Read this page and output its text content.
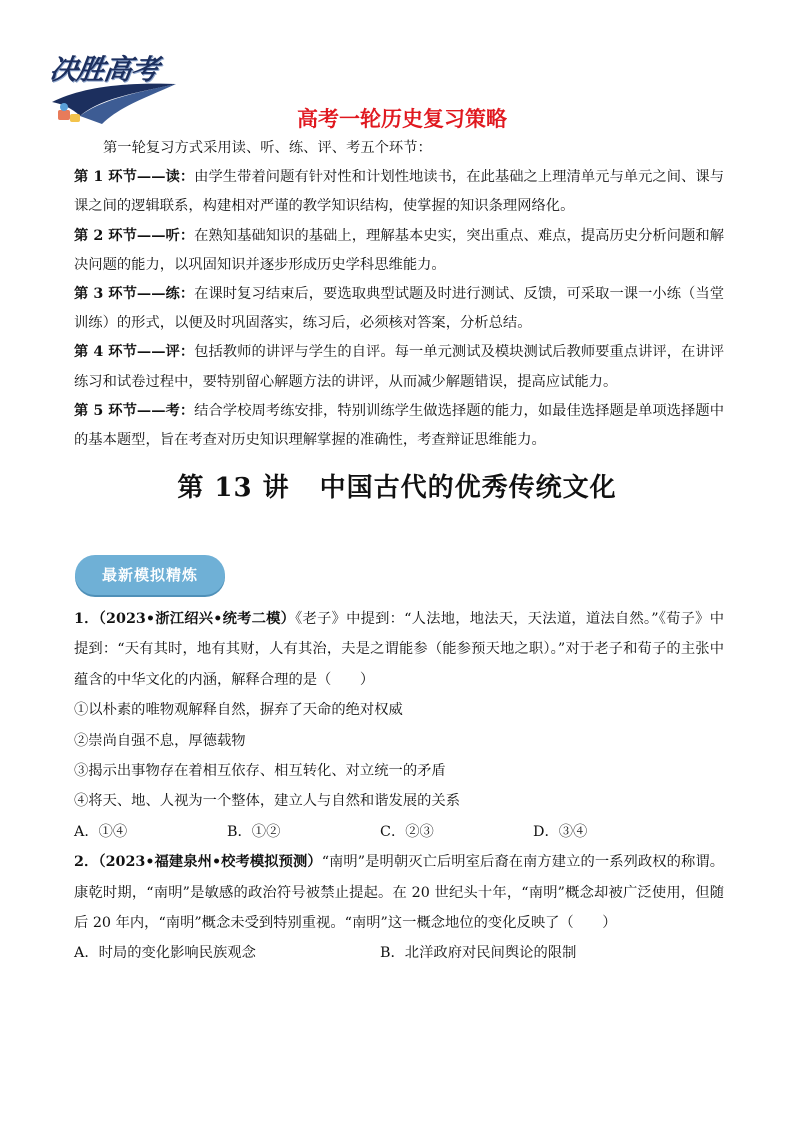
决胜高考
高考一轮历史复习策略

第一轮复习方式采用读、听、练、评、考五个环节：

第 1 环节——读：由学生带着问题有针对性和计划性地读书，在此基础之上理清单元与单元之间、课与课之间的逻辑联系，构建相对严谨的教学知识结构，使掌握的知识条理网络化。

第 2 环节——听：在熟知基础知识的基础上，理解基本史实，突出重点、难点，提高历史分析问题和解决问题的能力，以巩固知识并逐步形成历史学科思维能力。

第 3 环节——练：在课时复习结束后，要选取典型试题及时进行测试、反馈，可采取一课一小练（当堂训练）的形式，以便及时巩固落实，练习后，必须核对答案，分析总结。

第 4 环节——评：包括教师的讲评与学生的自评。每一单元测试及模块测试后教师要重点讲评，在讲评练习和试卷过程中，要特别留心解题方法的讲评，从而减少解题错误，提高应试能力。

第 5 环节——考：结合学校周考练安排，特别训练学生做选择题的能力，如最佳选择题是单项选择题中的基本题型，旨在考查对历史知识理解掌握的准确性，考查辩证思维能力。

第 13 讲 中国古代的优秀传统文化
最新模拟精炼

1．（2023•浙江绍兴•统考二模）《老子》中提到：“人法地，地法天，天法道，道法自然。”《荀子》中提到：“天有其时，地有其财，人有其治，夫是之谓能参（能参预天地之职）。”对于老子和荀子的主张中蕴含的中华文化的内涵，解释合理的是（　　）

①以朴素的唯物观解释自然，摒弃了天命的绝对权威

②崇尚自强不息，厚德载物

③揭示出事物存在着相互依存、相互转化、对立统一的矛盾

④将天、地、人视为一个整体，建立人与自然和谐发展的关系

A．①④	B．①②	C．②③	D．③④

2．（2023•福建泉州•校考模拟预测）“南明”是明朝灭亡后明室后裔在南方建立的一系列政权的称谓。康乾时期，“南明”是敏感的政治符号被禁止提起。在 20 世纪头十年，“南明”概念却被广泛使用，但随后 20 年内，“南明”概念未受到特别重视。“南明”这一概念地位的变化反映了（　　）

A．时局的变化影响民族观念	B．北洋政府对民间舆论的限制
